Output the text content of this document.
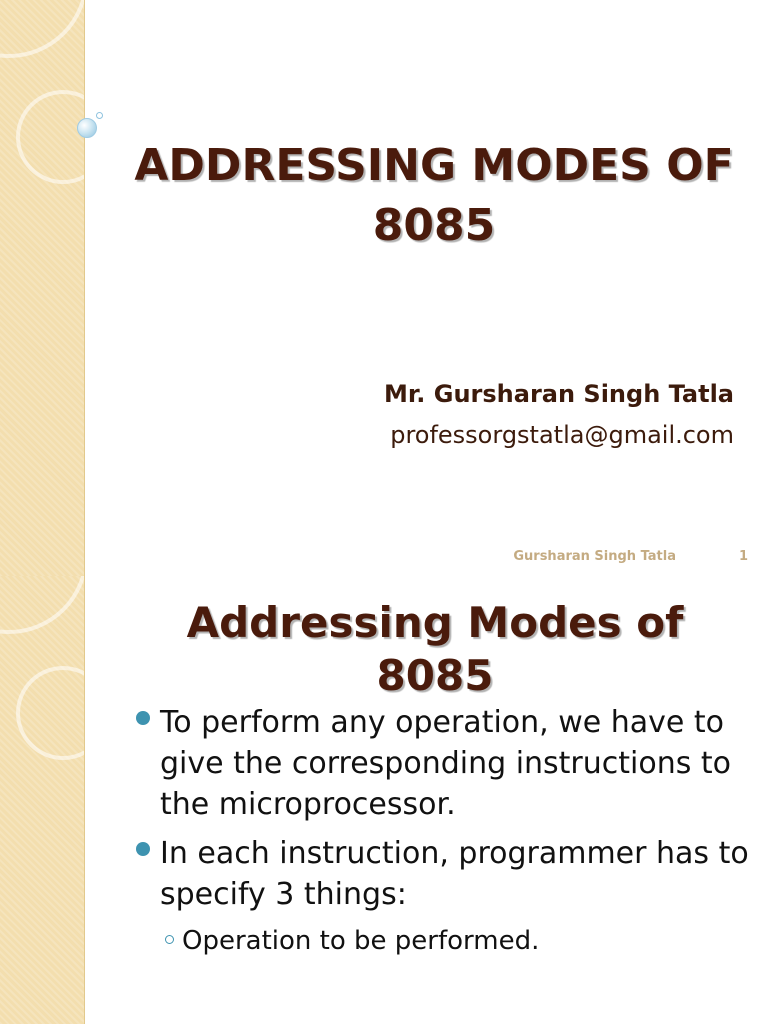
ADDRESSING MODES OF 8085
Mr. Gursharan Singh Tatla
professorgstatla@gmail.com
Gursharan Singh Tatla	1
Addressing Modes of 8085
To perform any operation, we have to give the corresponding instructions to the microprocessor.
In each instruction, programmer has to specify 3 things:
Operation to be performed.
